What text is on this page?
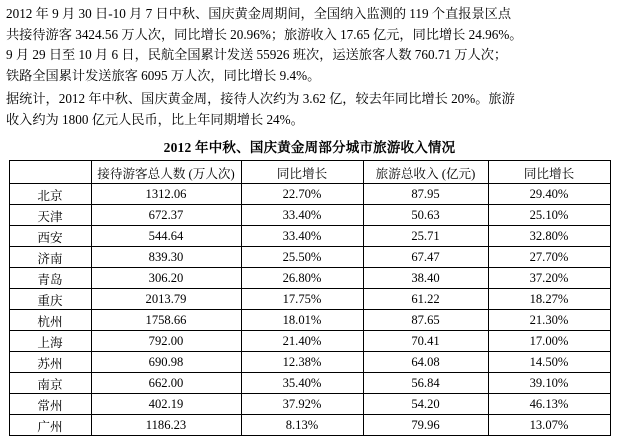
2012 年 9 月 30 日-10 月 7 日中秋、国庆黄金周期间，全国纳入监测的 119 个直报景区点

共接待游客 3424.56 万人次，同比增长 20.96%；旅游收入 17.65 亿元，同比增长 24.96%。

9 月 29 日至 10 月 6 日，民航全国累计发送 55926 班次，运送旅客人数 760.71 万人次；

铁路全国累计发送旅客 6095 万人次，同比增长 9.4%。

据统计，2012 年中秋、国庆黄金周，接待人次约为 3.62 亿，较去年同比增长 20%。旅游

收入约为 1800 亿元人民币，比上年同期增长 24%。

2012 年中秋、国庆黄金周部分城市旅游收入情况
	接待游客总人数 (万人次)	同比增长	旅游总收入 (亿元)	同比增长
北京	1312.06	22.70%	87.95	29.40%
天津	672.37	33.40%	50.63	25.10%
西安	544.64	33.40%	25.71	32.80%
济南	839.30	25.50%	67.47	27.70%
青岛	306.20	26.80%	38.40	37.20%
重庆	2013.79	17.75%	61.22	18.27%
杭州	1758.66	18.01%	87.65	21.30%
上海	792.00	21.40%	70.41	17.00%
苏州	690.98	12.38%	64.08	14.50%
南京	662.00	35.40%	56.84	39.10%
常州	402.19	37.92%	54.20	46.13%
广州	1186.23	8.13%	79.96	13.07%
